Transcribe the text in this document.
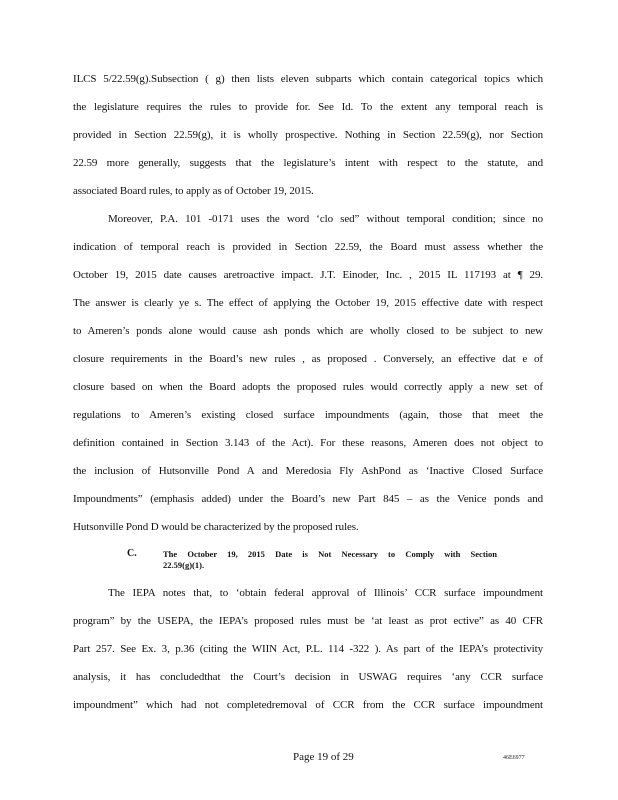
ILCS 5/22.59(g).Subsection ( g) then lists eleven subparts which contain categorical topics which
the legislature requires the rules to provide for. See Id. To the extent any temporal reach is
provided in Section 22.59(g), it is wholly prospective. Nothing in Section 22.59(g), nor Section
22.59 more generally, suggests that the legislature’s intent with respect to the statute, and
associated Board rules, to apply as of October 19, 2015.
Moreover, P.A. 101 -0171 uses the word ‘clo sed” without temporal condition; since no
indication of temporal reach is provided in Section 22.59, the Board must assess whether the
October 19, 2015 date causes aretroactive impact. J.T. Einoder, Inc. , 2015 IL 117193 at ¶ 29.
The answer is clearly ye s. The effect of applying the October 19, 2015 effective date with respect
to Ameren’s ponds alone would cause ash ponds which are wholly closed to be subject to new
closure requirements in the Board’s new rules , as proposed . Conversely, an effective dat e of
closure based on when the Board adopts the proposed rules would correctly apply a new set of
regulations to Ameren’s existing closed surface impoundments (again, those that meet the
definition contained in Section 3.143 of the Act). For these reasons, Ameren does not object to
the inclusion of Hutsonville Pond A and Meredosia Fly AshPond as ‘Inactive Closed Surface
Impoundments” (emphasis added) under the Board’s new Part 845 – as the Venice ponds and
Hutsonville Pond D would be characterized by the proposed rules.
C.	The October 19, 2015 Date is Not Necessary to Comply with Section
22.59(g)(1).
The IEPA notes that, to ‘obtain federal approval of Illinois’ CCR surface impoundment
program” by the USEPA, the IEPA’s proposed rules must be ‘at least as prot ective” as 40 CFR
Part 257. See Ex. 3, p.36 (citing the WIIN Act, P.L. 114 -322 ). As part of the IEPA’s protectivity
analysis, it has concludedthat the Court’s decision in USWAG requires ‘any CCR surface
impoundment” which had not completedremoval of CCR from the CCR surface impoundment
Page 19 of 29	46E6977
